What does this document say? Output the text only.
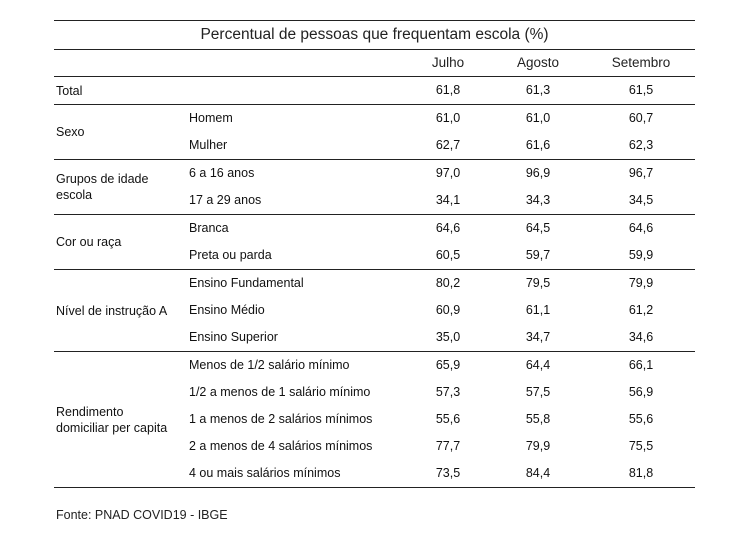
Percentual de pessoas que frequentam escola (%)
Julho	Agosto	Setembro
Total	61,8	61,3	61,5
Sexo
Homem	61,0	61,0	60,7
Mulher	62,7	61,6	62,3
Grupos de idade escola
6 a 16 anos	97,0	96,9	96,7
17 a 29 anos	34,1	34,3	34,5
Cor ou raça
Branca	64,6	64,5	64,6
Preta ou parda	60,5	59,7	59,9
Nível de instrução A
Ensino Fundamental	80,2	79,5	79,9
Ensino Médio	60,9	61,1	61,2
Ensino Superior	35,0	34,7	34,6
Rendimento domiciliar per capita
Menos de 1/2 salário mínimo	65,9	64,4	66,1
1/2 a menos de 1 salário mínimo	57,3	57,5	56,9
1 a menos de 2 salários mínimos	55,6	55,8	55,6
2 a menos de 4 salários mínimos	77,7	79,9	75,5
4 ou mais salários mínimos	73,5	84,4	81,8
Fonte: PNAD COVID19 - IBGE
